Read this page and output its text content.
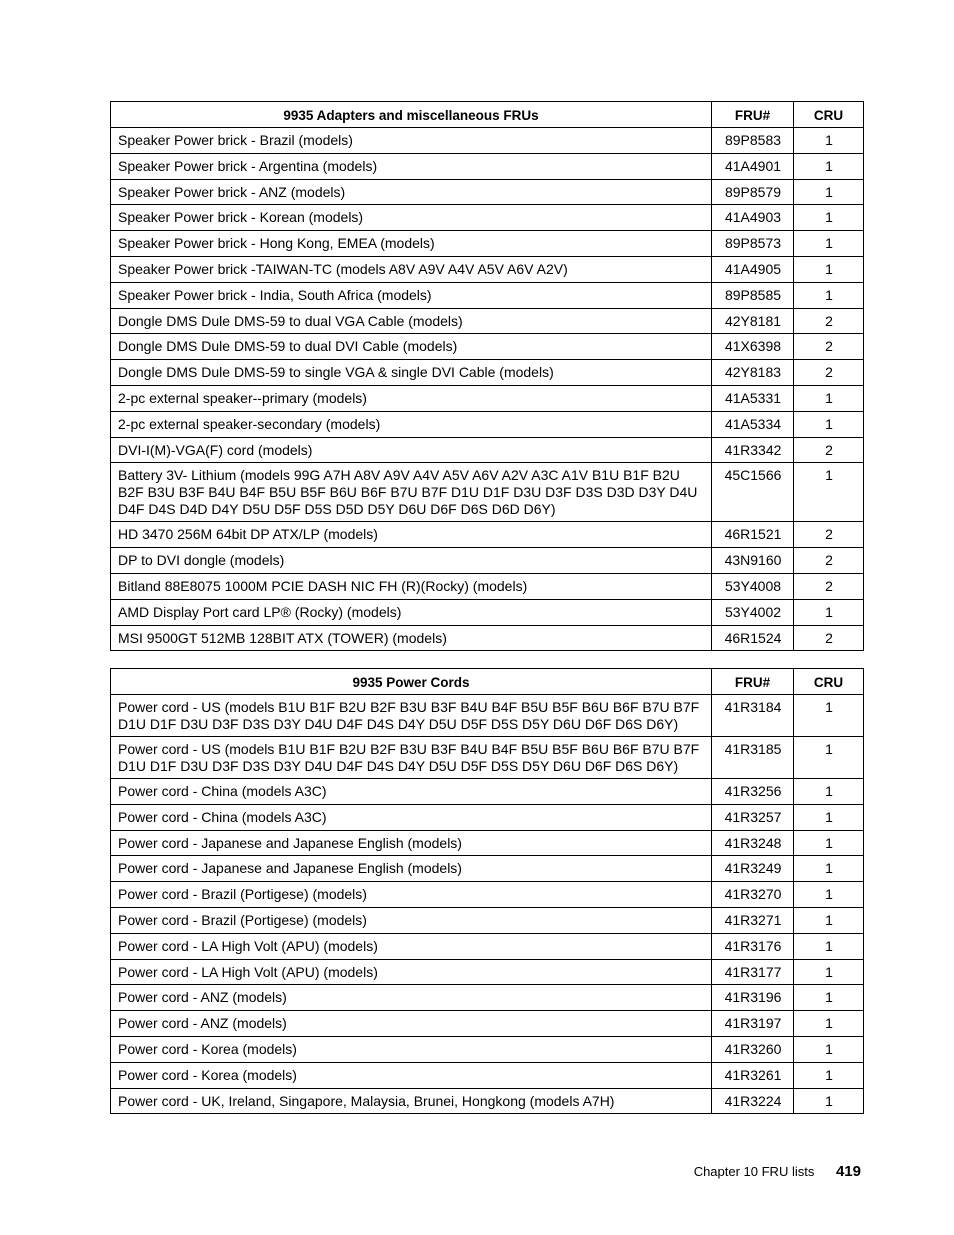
9935 Adapters and miscellaneous FRUs	FRU#	CRU
Speaker Power brick - Brazil (models)	89P8583	1
Speaker Power brick - Argentina (models)	41A4901	1
Speaker Power brick - ANZ (models)	89P8579	1
Speaker Power brick - Korean (models)	41A4903	1
Speaker Power brick - Hong Kong, EMEA (models)	89P8573	1
Speaker Power brick -TAIWAN-TC (models A8V A9V A4V A5V A6V A2V)	41A4905	1
Speaker Power brick - India, South Africa (models)	89P8585	1
Dongle DMS Dule DMS-59 to dual VGA Cable (models)	42Y8181	2
Dongle DMS Dule DMS-59 to dual DVI Cable (models)	41X6398	2
Dongle DMS Dule DMS-59 to single VGA & single DVI Cable (models)	42Y8183	2
2-pc external speaker--primary (models)	41A5331	1
2-pc external speaker-secondary (models)	41A5334	1
DVI-I(M)-VGA(F) cord (models)	41R3342	2
Battery 3V- Lithium (models 99G A7H A8V A9V A4V A5V A6V A2V A3C A1V B1U B1F B2U B2F B3U B3F B4U B4F B5U B5F B6U B6F B7U B7F D1U D1F D3U D3F D3S D3D D3Y D4U D4F D4S D4D D4Y D5U D5F D5S D5D D5Y D6U D6F D6S D6D D6Y)	45C1566	1
HD 3470 256M 64bit DP ATX/LP (models)	46R1521	2
DP to DVI dongle (models)	43N9160	2
Bitland 88E8075 1000M PCIE DASH NIC FH (R)(Rocky) (models)	53Y4008	2
AMD Display Port card LP® (Rocky) (models)	53Y4002	1
MSI 9500GT 512MB 128BIT ATX (TOWER) (models)	46R1524	2
9935 Power Cords	FRU#	CRU
Power cord - US (models B1U B1F B2U B2F B3U B3F B4U B4F B5U B5F B6U B6F B7U B7F D1U D1F D3U D3F D3S D3Y D4U D4F D4S D4Y D5U D5F D5S D5Y D6U D6F D6S D6Y)	41R3184	1
Power cord - US (models B1U B1F B2U B2F B3U B3F B4U B4F B5U B5F B6U B6F B7U B7F D1U D1F D3U D3F D3S D3Y D4U D4F D4S D4Y D5U D5F D5S D5Y D6U D6F D6S D6Y)	41R3185	1
Power cord - China (models A3C)	41R3256	1
Power cord - China (models A3C)	41R3257	1
Power cord - Japanese and Japanese English (models)	41R3248	1
Power cord - Japanese and Japanese English (models)	41R3249	1
Power cord - Brazil (Portigese) (models)	41R3270	1
Power cord - Brazil (Portigese) (models)	41R3271	1
Power cord - LA High Volt (APU) (models)	41R3176	1
Power cord - LA High Volt (APU) (models)	41R3177	1
Power cord - ANZ (models)	41R3196	1
Power cord - ANZ (models)	41R3197	1
Power cord - Korea (models)	41R3260	1
Power cord - Korea (models)	41R3261	1
Power cord - UK, Ireland, Singapore, Malaysia, Brunei, Hongkong (models A7H)	41R3224	1
Chapter 10 FRU lists 419
